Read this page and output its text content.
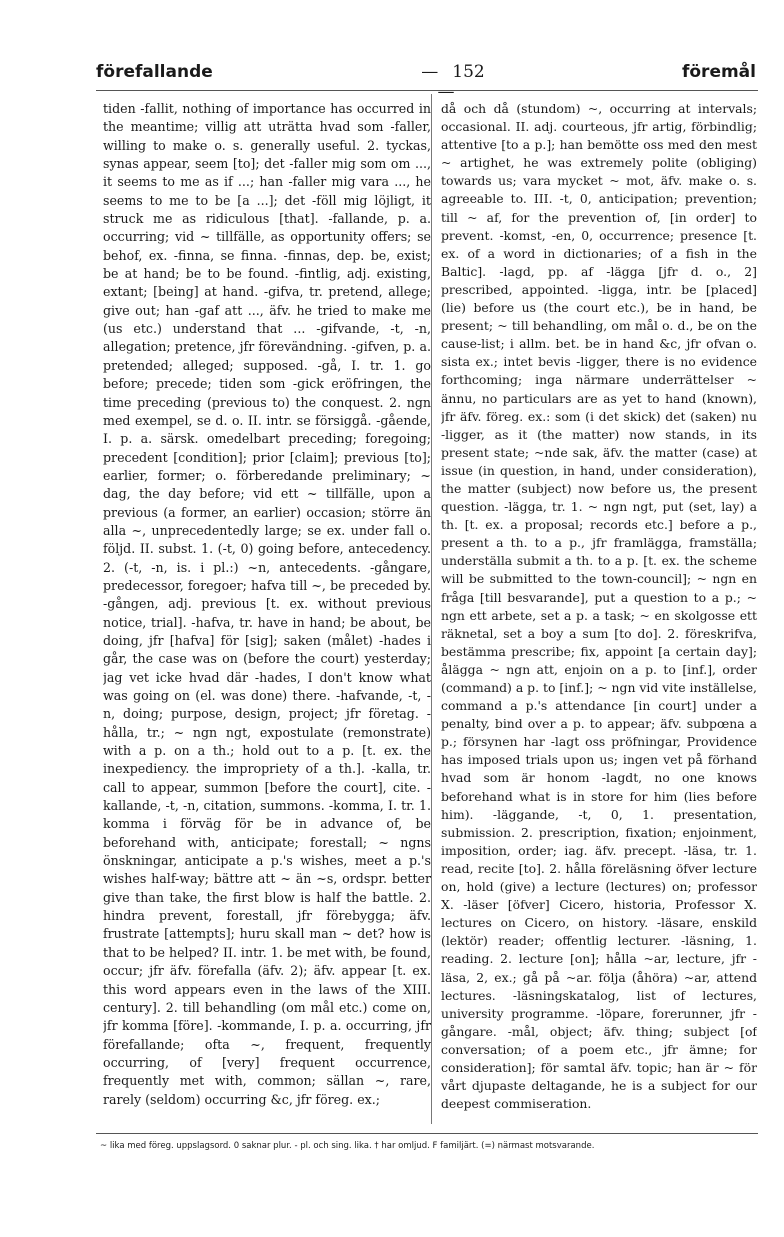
förefallande	— 152—
föremål

tiden -fallit, nothing of importance has occurred in the meantime; villig att uträtta hvad som -faller, willing to make o. s. generally useful. 2. tyckas, synas appear, seem [to]; det -faller mig som om ..., it seems to me as if ...; han -faller mig vara ..., he seems to me to be [a ...]; det -föll mig löjligt, it struck me as ridiculous [that]. -fallande, p. a. occurring; vid ~ tillfälle, as opportunity offers; se behof, ex. -finna, se finna. -finnas, dep. be, exist; be at hand; be to be found. -fintlig, adj. existing, extant; [being] at hand. -gifva, tr. pretend, allege; give out; han -gaf att ..., äfv. he tried to make me (us etc.) understand that ... -gifvande, -t, -n, allegation; pretence, jfr förevändning. -gifven, p. a. pretended; alleged; supposed. -gå, I. tr. 1. go before; precede; tiden som -gick eröfringen, the time preceding (previous to) the conquest. 2. ngn med exempel, se d. o. II. intr. se försiggå. -gående, I. p. a. särsk. omedelbart preceding; foregoing; precedent [condition]; prior [claim]; previous [to]; earlier, former; o. förberedande preliminary; ~ dag, the day before; vid ett ~ tillfälle, upon a previous (a former, an earlier) occasion; större än alla ~, unprecedentedly large; se ex. under fall o. följd. II. subst. 1. (-t, 0) going before, antecedency. 2. (-t, -n, is. i pl.:) ~n, antecedents. -gångare, predecessor, foregoer; hafva till ~, be preceded by. -gången, adj. previous [t. ex. without previous notice, trial]. -hafva, tr. have in hand; be about, be doing, jfr [hafva] för [sig]; saken (målet) -hades i går, the case was on (before the court) yesterday; jag vet icke hvad där -hades, I don't know what was going on (el. was done) there. -hafvande, -t, -n, doing; purpose, design, project; jfr företag. -hålla, tr.; ~ ngn ngt, expostulate (remonstrate) with a p. on a th.; hold out to a p. [t. ex. the inexpediency. the impropriety of a th.]. -kalla, tr. call to appear, summon [before the court], cite. -kallande, -t, -n, citation, summons. -komma, I. tr. 1. komma i förväg för be in advance of, be beforehand with, anticipate; forestall; ~ ngns önskningar, anticipate a p.'s wishes, meet a p.'s wishes half-way; bättre att ~ än ~s, ordspr. better give than take, the first blow is half the battle. 2. hindra prevent, forestall, jfr förebygga; äfv. frustrate [attempts]; huru skall man ~ det? how is that to be helped? II. intr. 1. be met with, be found, occur; jfr äfv. förefalla (äfv. 2); äfv. appear [t. ex. this word appears even in the laws of the XIII. century]. 2. till behandling (om mål etc.) come on, jfr komma [före]. -kommande, I. p. a. occurring, jfr förefallande; ofta ~, frequent, frequently occurring, of [very] frequent occurrence, frequently met with, common; sällan ~, rare, rarely (seldom) occurring &c, jfr föreg. ex.;

då och då (stundom) ~, occurring at intervals; occasional. II. adj. courteous, jfr artig, förbindlig; attentive [to a p.]; han bemötte oss med den mest ~ artighet, he was extremely polite (obliging) towards us; vara mycket ~ mot, äfv. make o. s. agreeable to. III. -t, 0, anticipation; prevention; till ~ af, for the prevention of, [in order] to prevent. -komst, -en, 0, occurrence; presence [t. ex. of a word in dictionaries; of a fish in the Baltic]. -lagd, pp. af -lägga [jfr d. o., 2] prescribed, appointed. -ligga, intr. be [placed] (lie) before us (the court etc.), be in hand, be present; ~ till behandling, om mål o. d., be on the cause-list; i allm. bet. be in hand &c, jfr ofvan o. sista ex.; intet bevis -ligger, there is no evidence forthcoming; inga närmare underrättelser ~ ännu, no particulars are as yet to hand (known), jfr äfv. föreg. ex.: som (i det skick) det (saken) nu -ligger, as it (the matter) now stands, in its present state; ~nde sak, äfv. the matter (case) at issue (in question, in hand, under consideration), the matter (subject) now before us, the present question. -lägga, tr. 1. ~ ngn ngt, put (set, lay) a th. [t. ex. a proposal; records etc.] before a p., present a th. to a p., jfr framlägga, framställa; underställa submit a th. to a p. [t. ex. the scheme will be submitted to the town-council]; ~ ngn en fråga [till besvarande], put a question to a p.; ~ ngn ett arbete, set a p. a task; ~ en skolgosse ett räknetal, set a boy a sum [to do]. 2. föreskrifva, bestämma prescribe; fix, appoint [a certain day]; ålägga ~ ngn att, enjoin on a p. to [inf.], order (command) a p. to [inf.]; ~ ngn vid vite inställelse, command a p.'s attendance [in court] under a penalty, bind over a p. to appear; äfv. subpœna a p.; försynen har -lagt oss pröfningar, Providence has imposed trials upon us; ingen vet på förhand hvad som är honom -lagdt, no one knows beforehand what is in store for him (lies before him). -läggande, -t, 0, 1. presentation, submission. 2. prescription, fixation; enjoinment, imposition, order; iag. äfv. precept. -läsa, tr. 1. read, recite [to]. 2. hålla föreläsning öfver lecture on, hold (give) a lecture (lectures) on; professor X. -läser [öfver] Cicero, historia, Professor X. lectures on Cicero, on history. -läsare, enskild (lektör) reader; offentlig lecturer. -läsning, 1. reading. 2. lecture [on]; hålla ~ar, lecture, jfr -läsa, 2, ex.; gå på ~ar. följa (åhöra) ~ar, attend lectures. -läsningskatalog, list of lectures, university programme. -löpare, forerunner, jfr -gångare. -mål, object; äfv. thing; subject [of conversation; of a poem etc., jfr ämne; for consideration]; för samtal äfv. topic; han är ~ för vårt djupaste deltagande, he is a subject for our deepest commiseration.

~ lika med föreg. uppslagsord. 0 saknar plur. - pl. och sing. lika. † har omljud. F familjärt. (=) närmast motsvarande.
